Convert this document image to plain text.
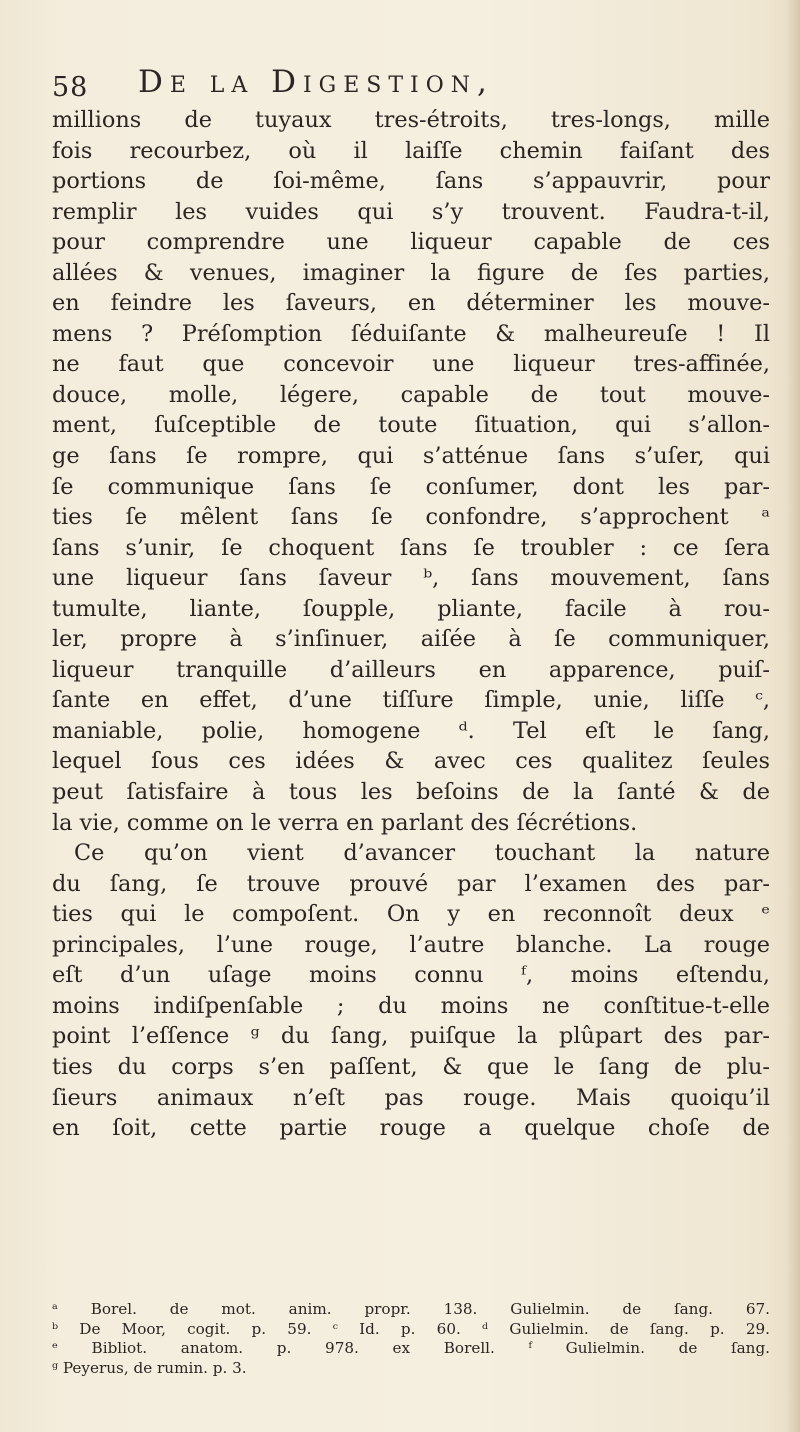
58 De la Digestion,
millions de tuyaux tres-étroits, tres-longs, mille
fois recourbez, où il laiſſe chemin faiſant des
portions de ſoi-même, ſans s’appauvrir, pour
remplir les vuides qui s’y trouvent. Faudra-t-il,
pour comprendre une liqueur capable de ces
allées & venues, imaginer la figure de ſes parties,
en feindre les ſaveurs, en déterminer les mouve-
mens ? Préſomption ſéduiſante & malheureuſe ! Il
ne faut que concevoir une liqueur tres-affinée,
douce, molle, légere, capable de tout mouve-
ment, ſuſceptible de toute ſituation, qui s’allon-
ge ſans ſe rompre, qui s’atténue ſans s’uſer, qui
ſe communique ſans ſe conſumer, dont les par-
ties ſe mêlent ſans ſe confondre, s’approchent ᵃ
ſans s’unir, ſe choquent ſans ſe troubler : ce ſera
une liqueur ſans ſaveur ᵇ, ſans mouvement, ſans
tumulte, liante, ſoupple, pliante, facile à rou-
ler, propre à s’inſinuer, aiſée à ſe communiquer,
liqueur tranquille d’ailleurs en apparence, puiſ-
ſante en effet, d’une tiſſure ſimple, unie, liſſe ᶜ,
maniable, polie, homogene ᵈ. Tel eſt le ſang,
lequel ſous ces idées & avec ces qualitez ſeules
peut ſatisfaire à tous les beſoins de la ſanté & de
la vie, comme on le verra en parlant des ſécrétions.
Ce qu’on vient d’avancer touchant la nature
du ſang, ſe trouve prouvé par l’examen des par-
ties qui le compoſent. On y en reconnoît deux ᵉ
principales, l’une rouge, l’autre blanche. La rouge
eſt d’un uſage moins connu ᶠ, moins eſtendu,
moins indiſpenſable ; du moins ne conſtitue-t-elle
point l’eſſence ᵍ du ſang, puiſque la plûpart des par-
ties du corps s’en paſſent, & que le ſang de plu-
ſieurs animaux n’eſt pas rouge. Mais quoiqu’il
en ſoit, cette partie rouge a quelque choſe de
ᵃ Borel. de mot. anim. propr. 138. Gulielmin. de ſang. 67.
ᵇ De Moor, cogit. p. 59. ᶜ Id. p. 60. ᵈ Gulielmin. de ſang. p. 29.
ᵉ Bibliot. anatom. p. 978. ex Borell. ᶠ Gulielmin. de ſang.
ᵍ Peyerus, de rumin. p. 3.
